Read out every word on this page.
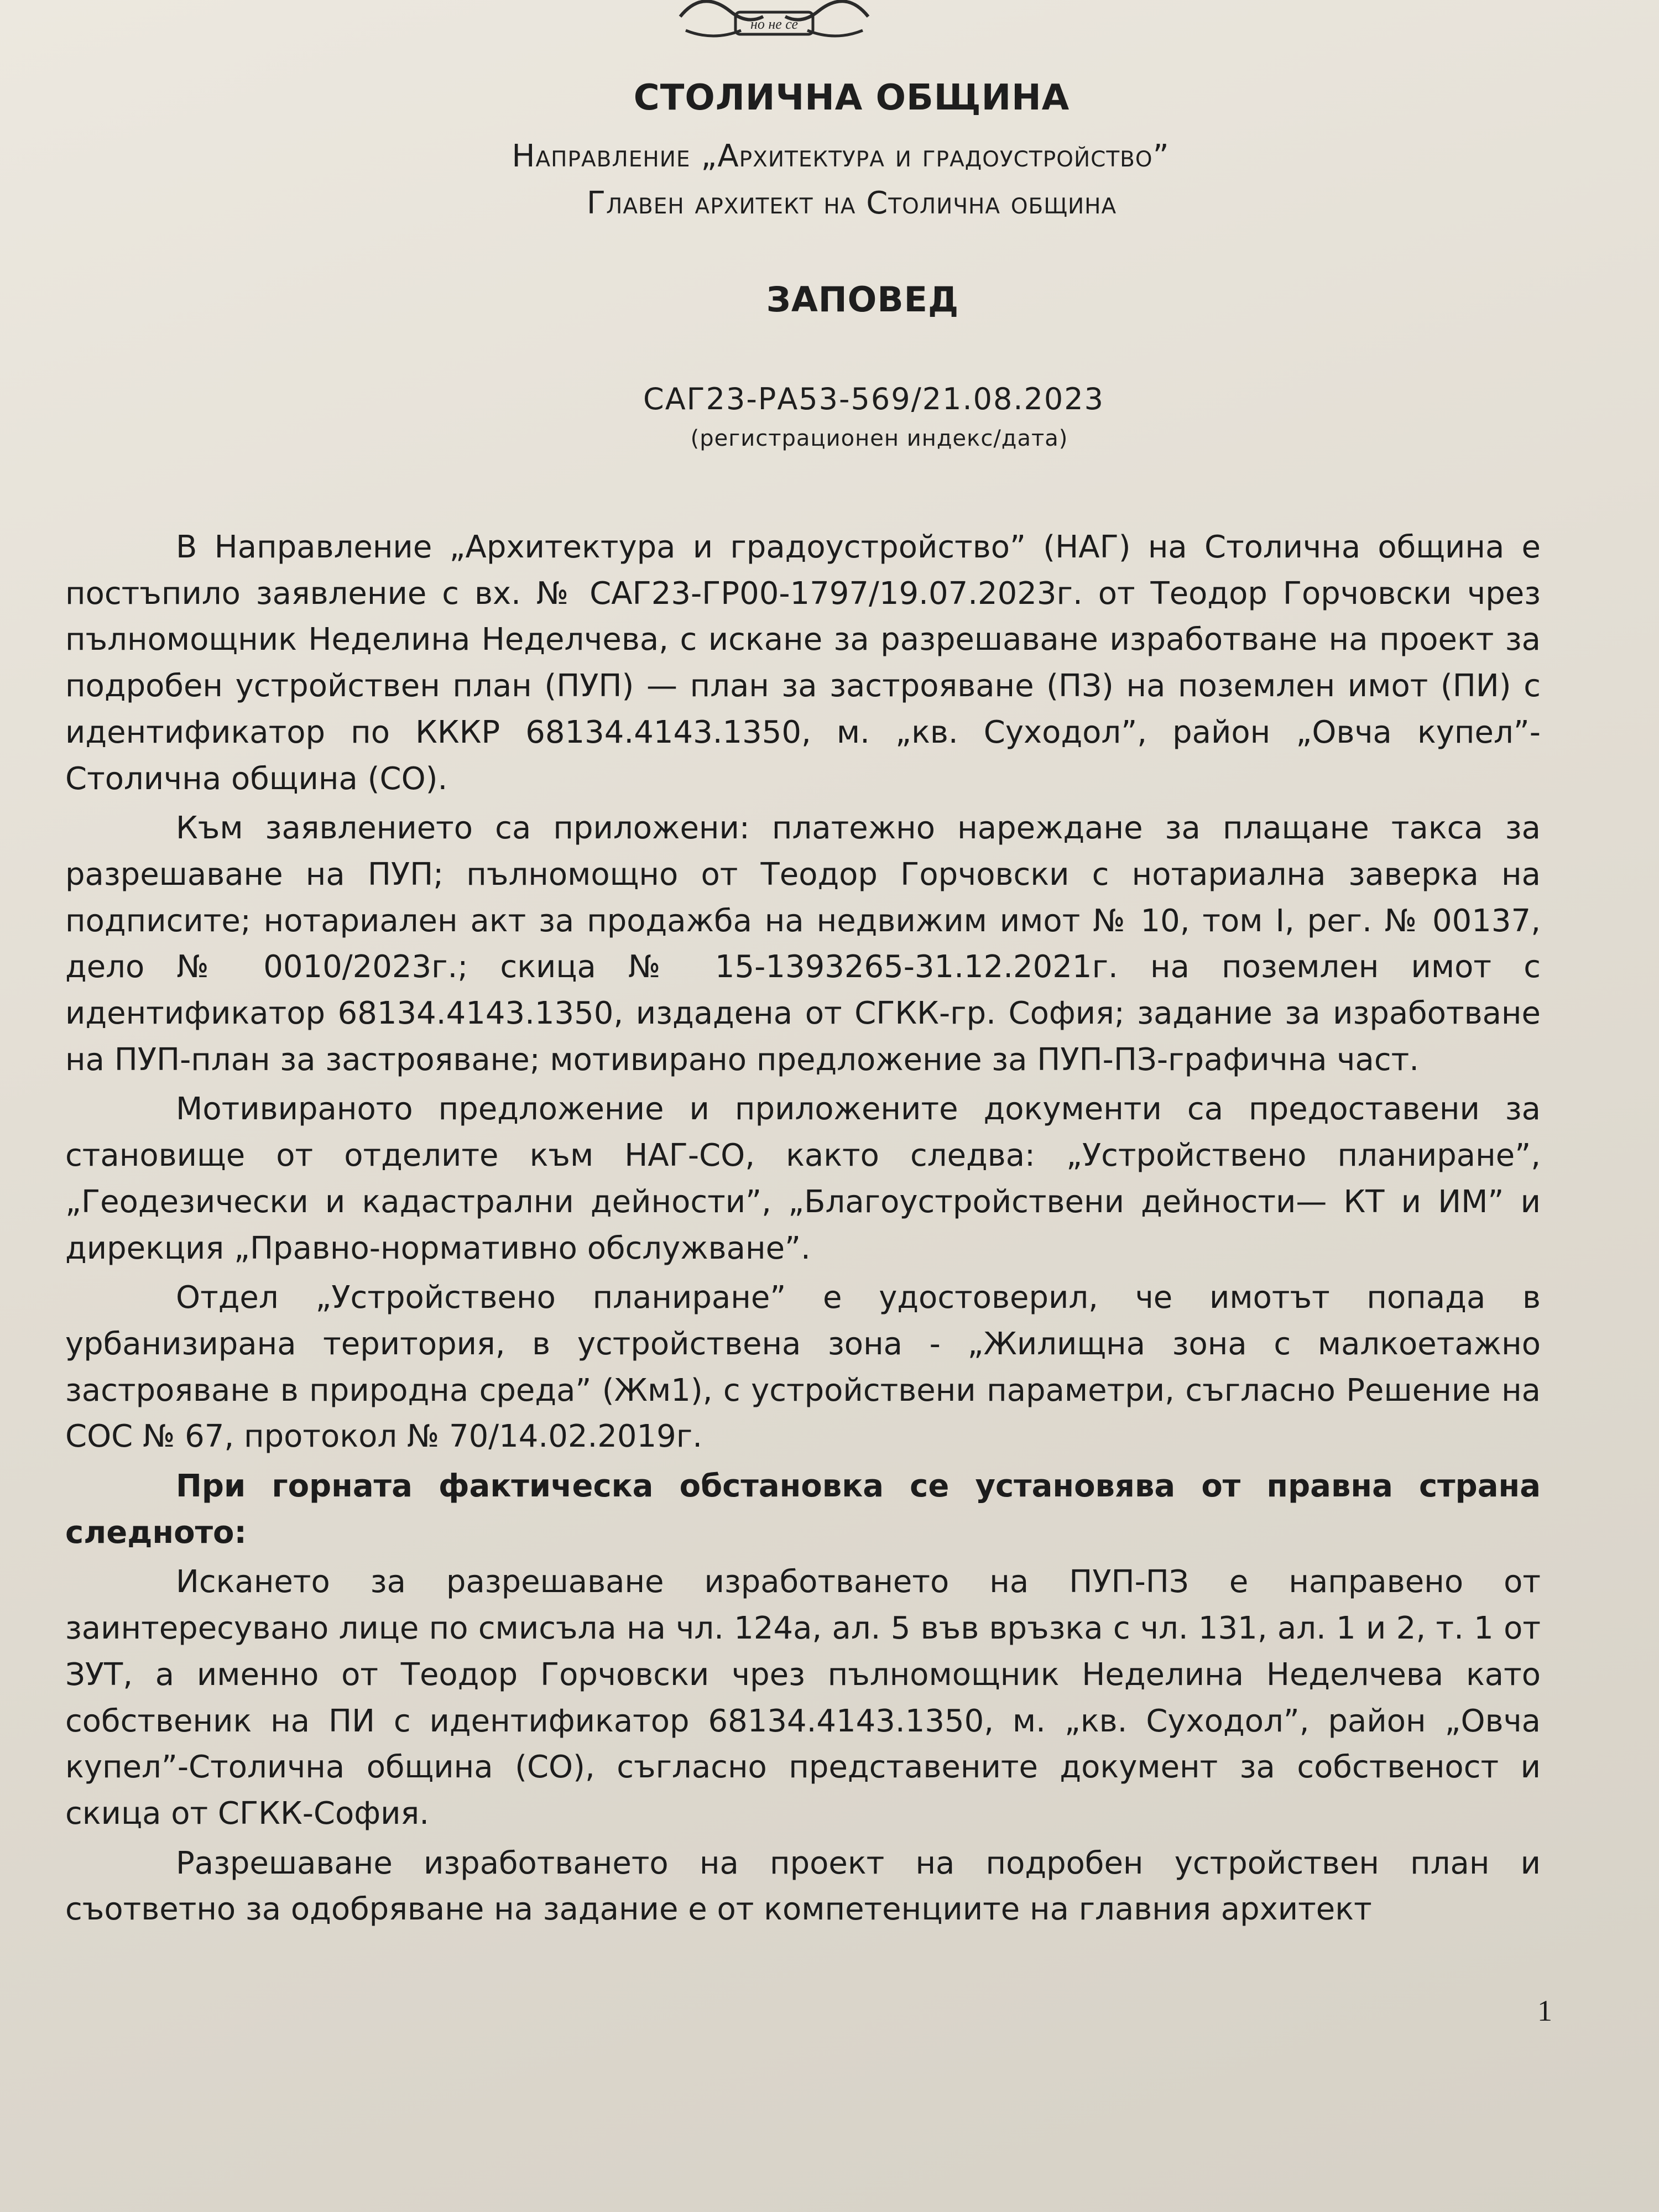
но не се
СТОЛИЧНА ОБЩИНА
Направление „Архитектура и градоустройство”
Главен архитект на Столична община
ЗАПОВЕД
САГ23-РА53-569/21.08.2023
(регистрационен индекс/дата)

В Направление „Архитектура и градоустройство” (НАГ) на Столична община е постъпило заявление с вх. № САГ23-ГР00-1797/19.07.2023г. от Теодор Горчовски чрез пълномощник Неделина Неделчева, с искане за разрешаване изработване на проект за подробен устройствен план (ПУП) — план за застрояване (ПЗ) на поземлен имот (ПИ) с идентификатор по КККР 68134.4143.1350, м. „кв. Суходол”, район „Овча купел”-Столична община (СО).

Към заявлението са приложени: платежно нареждане за плащане такса за разрешаване на ПУП; пълномощно от Теодор Горчовски с нотариална заверка на подписите; нотариален акт за продажба на недвижим имот № 10, том I, рег. № 00137, дело № 0010/2023г.; скица № 15-1393265-31.12.2021г. на поземлен имот с идентификатор 68134.4143.1350, издадена от СГКК-гр. София; задание за изработване на ПУП-план за застрояване; мотивирано предложение за ПУП-ПЗ-графична част.

Мотивираното предложение и приложените документи са предоставени за становище от отделите към НАГ-СО, както следва: „Устройствено планиране”, „Геодезически и кадастрални дейности”, „Благоустройствени дейности— КТ и ИМ” и дирекция „Правно-нормативно обслужване”.

Отдел „Устройствено планиране” е удостоверил, че имотът попада в урбанизирана територия, в устройствена зона - „Жилищна зона с малкоетажно застрояване в природна среда” (Жм1), с устройствени параметри, съгласно Решение на СОС № 67, протокол № 70/14.02.2019г.

При горната фактическа обстановка се установява от правна страна следното:

Искането за разрешаване изработването на ПУП-ПЗ е направено от заинтересувано лице по смисъла на чл. 124а, ал. 5 във връзка с чл. 131, ал. 1 и 2, т. 1 от ЗУТ, а именно от Теодор Горчовски чрез пълномощник Неделина Неделчева като собственик на ПИ с идентификатор 68134.4143.1350, м. „кв. Суходол”, район „Овча купел”-Столична община (СО), съгласно представените документ за собственост и скица от СГКК-София.

Разрешаване изработването на проект на подробен устройствен план и съответно за одобряване на задание е от компетенциите на главния архитект

1
